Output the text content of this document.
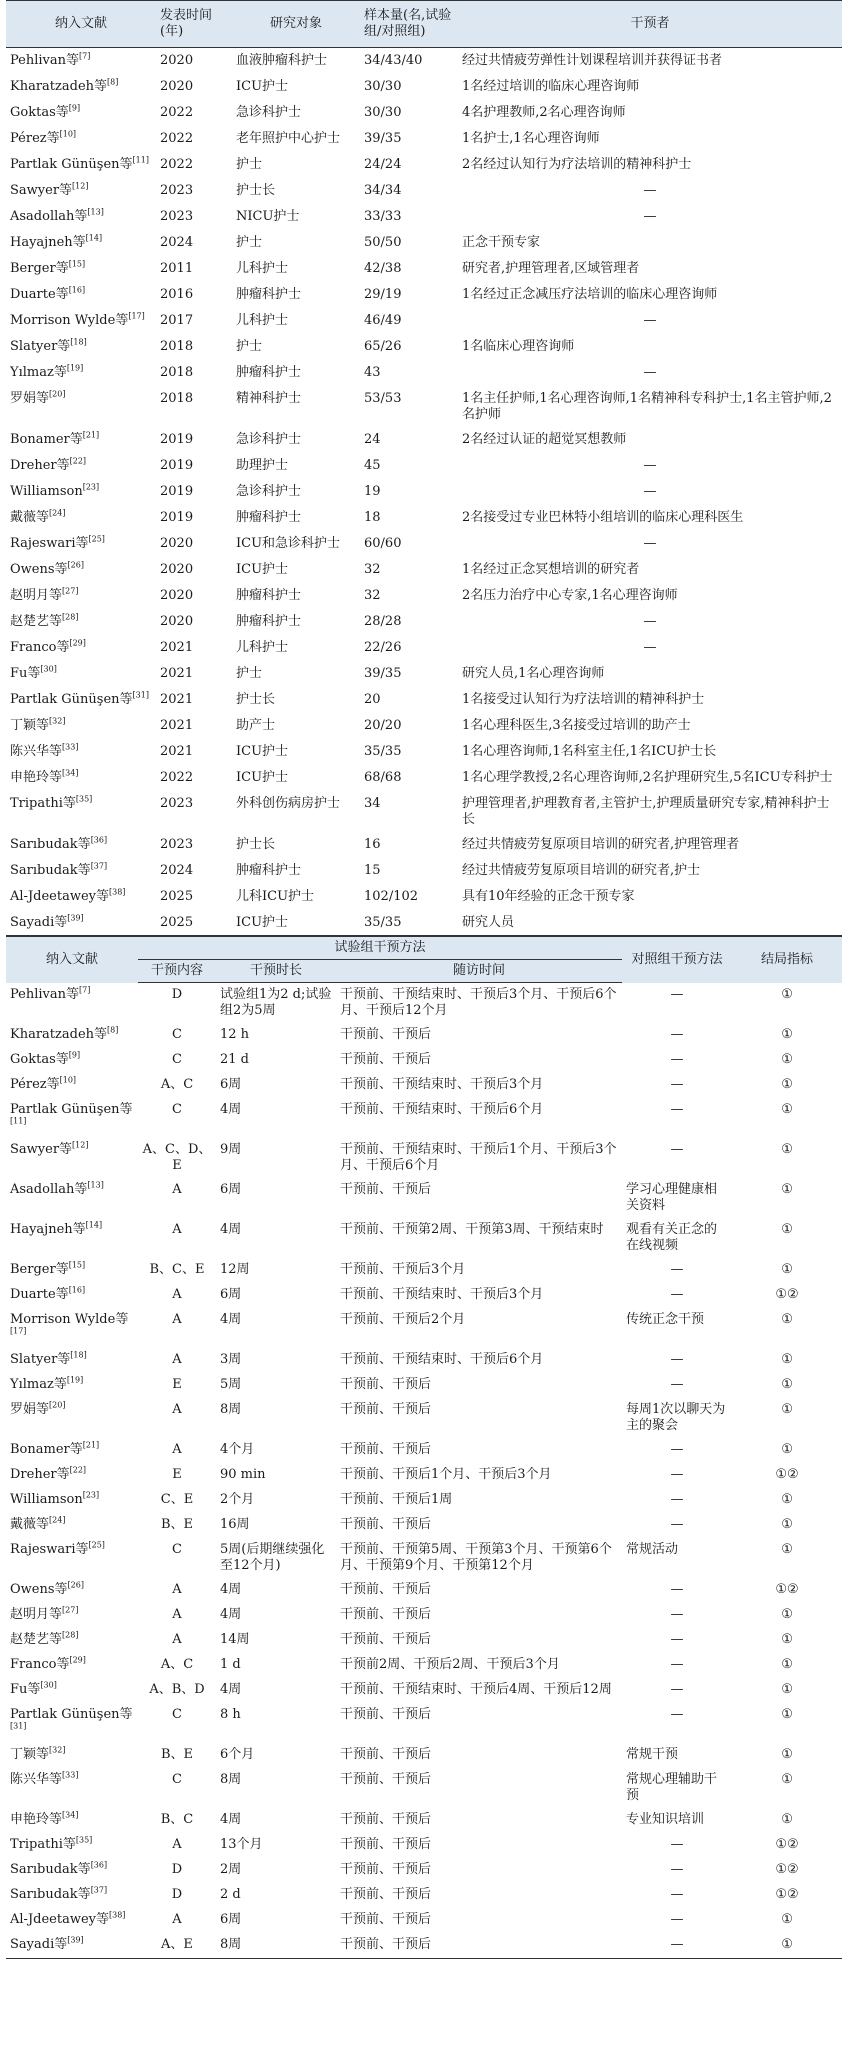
纳入文献	发表时间(年)	研究对象	样本量(名,试验组/对照组)	干预者
Pehlivan等[7]	2020	血液肿瘤科护士	34/43/40	经过共情疲劳弹性计划课程培训并获得证书者
Kharatzadeh等[8]	2020	ICU护士	30/30	1名经过培训的临床心理咨询师
Goktas等[9]	2022	急诊科护士	30/30	4名护理教师,2名心理咨询师
Pérez等[10]	2022	老年照护中心护士	39/35	1名护士,1名心理咨询师
Partlak Günüşen等[11]	2022	护士	24/24	2名经过认知行为疗法培训的精神科护士
Sawyer等[12]	2023	护士长	34/34	—
Asadollah等[13]	2023	NICU护士	33/33	—
Hayajneh等[14]	2024	护士	50/50	正念干预专家
Berger等[15]	2011	儿科护士	42/38	研究者,护理管理者,区域管理者
Duarte等[16]	2016	肿瘤科护士	29/19	1名经过正念减压疗法培训的临床心理咨询师
Morrison Wylde等[17]	2017	儿科护士	46/49	—
Slatyer等[18]	2018	护士	65/26	1名临床心理咨询师
Yılmaz等[19]	2018	肿瘤科护士	43	—
罗娟等[20]	2018	精神科护士	53/53	1名主任护师,1名心理咨询师,1名精神科专科护士,1名主管护师,2名护师
Bonamer等[21]	2019	急诊科护士	24	2名经过认证的超觉冥想教师
Dreher等[22]	2019	助理护士	45	—
Williamson[23]	2019	急诊科护士	19	—
戴薇等[24]	2019	肿瘤科护士	18	2名接受过专业巴林特小组培训的临床心理科医生
Rajeswari等[25]	2020	ICU和急诊科护士	60/60	—
Owens等[26]	2020	ICU护士	32	1名经过正念冥想培训的研究者
赵明月等[27]	2020	肿瘤科护士	32	2名压力治疗中心专家,1名心理咨询师
赵楚艺等[28]	2020	肿瘤科护士	28/28	—
Franco等[29]	2021	儿科护士	22/26	—
Fu等[30]	2021	护士	39/35	研究人员,1名心理咨询师
Partlak Günüşen等[31]	2021	护士长	20	1名接受过认知行为疗法培训的精神科护士
丁颖等[32]	2021	助产士	20/20	1名心理科医生,3名接受过培训的助产士
陈兴华等[33]	2021	ICU护士	35/35	1名心理咨询师,1名科室主任,1名ICU护士长
申艳玲等[34]	2022	ICU护士	68/68	1名心理学教授,2名心理咨询师,2名护理研究生,5名ICU专科护士
Tripathi等[35]	2023	外科创伤病房护士	34	护理管理者,护理教育者,主管护士,护理质量研究专家,精神科护士长
Sarıbudak等[36]	2023	护士长	16	经过共情疲劳复原项目培训的研究者,护理管理者
Sarıbudak等[37]	2024	肿瘤科护士	15	经过共情疲劳复原项目培训的研究者,护士
Al-Jdeetawey等[38]	2025	儿科ICU护士	102/102	具有10年经验的正念干预专家
Sayadi等[39]	2025	ICU护士	35/35	研究人员
纳入文献	试验组干预方法			对照组干预方法	结局指标
	干预内容	干预时长	随访时间		
Pehlivan等[7]	D	试验组1为2 d;试验组2为5周	干预前、干预结束时、干预后3个月、干预后6个月、干预后12个月	—	①
Kharatzadeh等[8]	C	12 h	干预前、干预后	—	①
Goktas等[9]	C	21 d	干预前、干预后	—	①
Pérez等[10]	A、C	6周	干预前、干预结束时、干预后3个月	—	①
Partlak Günüşen等[11]	C	4周	干预前、干预结束时、干预后6个月	—	①
Sawyer等[12]	A、C、D、E	9周	干预前、干预结束时、干预后1个月、干预后3个月、干预后6个月	—	①
Asadollah等[13]	A	6周	干预前、干预后	学习心理健康相关资料	①
Hayajneh等[14]	A	4周	干预前、干预第2周、干预第3周、干预结束时	观看有关正念的在线视频	①
Berger等[15]	B、C、E	12周	干预前、干预后3个月	—	①
Duarte等[16]	A	6周	干预前、干预结束时、干预后3个月	—	①②
Morrison Wylde等[17]	A	4周	干预前、干预后2个月	传统正念干预	①
Slatyer等[18]	A	3周	干预前、干预结束时、干预后6个月	—	①
Yılmaz等[19]	E	5周	干预前、干预后	—	①
罗娟等[20]	A	8周	干预前、干预后	每周1次以聊天为主的聚会	①
Bonamer等[21]	A	4个月	干预前、干预后	—	①
Dreher等[22]	E	90 min	干预前、干预后1个月、干预后3个月	—	①②
Williamson[23]	C、E	2个月	干预前、干预后1周	—	①
戴薇等[24]	B、E	16周	干预前、干预后	—	①
Rajeswari等[25]	C	5周(后期继续强化至12个月)	干预前、干预第5周、干预第3个月、干预第6个月、干预第9个月、干预第12个月	常规活动	①
Owens等[26]	A	4周	干预前、干预后	—	①②
赵明月等[27]	A	4周	干预前、干预后	—	①
赵楚艺等[28]	A	14周	干预前、干预后	—	①
Franco等[29]	A、C	1 d	干预前2周、干预后2周、干预后3个月	—	①
Fu等[30]	A、B、D	4周	干预前、干预结束时、干预后4周、干预后12周	—	①
Partlak Günüşen等[31]	C	8 h	干预前、干预后	—	①
丁颖等[32]	B、E	6个月	干预前、干预后	常规干预	①
陈兴华等[33]	C	8周	干预前、干预后	常规心理辅助干预	①
申艳玲等[34]	B、C	4周	干预前、干预后	专业知识培训	①
Tripathi等[35]	A	13个月	干预前、干预后	—	①②
Sarıbudak等[36]	D	2周	干预前、干预后	—	①②
Sarıbudak等[37]	D	2 d	干预前、干预后	—	①②
Al-Jdeetawey等[38]	A	6周	干预前、干预后	—	①
Sayadi等[39]	A、E	8周	干预前、干预后	—	①
